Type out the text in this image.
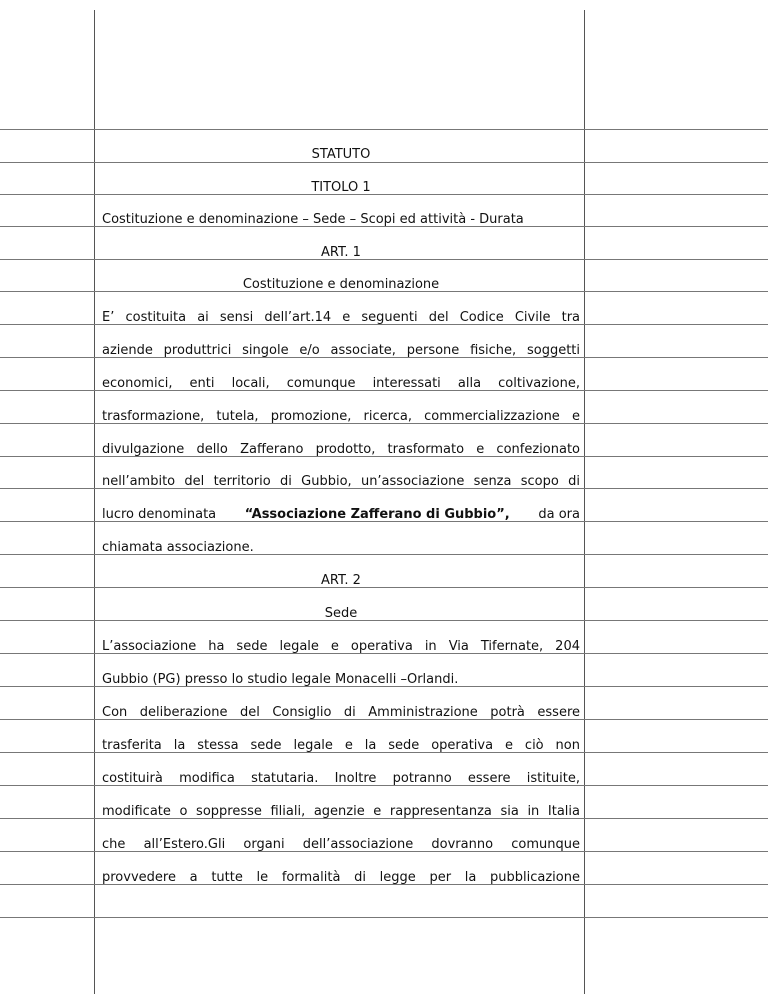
STATUTO
TITOLO 1
Costituzione e denominazione – Sede – Scopi ed attività - Durata
ART. 1
Costituzione e denominazione
E’ costituita ai sensi dell’art.14 e seguenti del Codice Civile tra
aziende produttrici singole e/o associate, persone fisiche, soggetti
economici, enti locali, comunque interessati alla coltivazione,
trasformazione, tutela, promozione, ricerca, commercializzazione e
divulgazione dello Zafferano prodotto, trasformato e confezionato
nell’ambito del territorio di Gubbio, un’associazione senza scopo di
lucro denominata “Associazione Zafferano di Gubbio”, da ora
chiamata associazione.
ART. 2
Sede
L’associazione ha sede legale e operativa in Via Tifernate, 204
Gubbio (PG) presso lo studio legale Monacelli –Orlandi.
Con deliberazione del Consiglio di Amministrazione potrà essere
trasferita la stessa sede legale e la sede operativa e ciò non
costituirà modifica statutaria. Inoltre potranno essere istituite,
modificate o soppresse filiali, agenzie e rappresentanza sia in Italia
che all’Estero.Gli organi dell’associazione dovranno comunque
provvedere a tutte le formalità di legge per la pubblicazione
